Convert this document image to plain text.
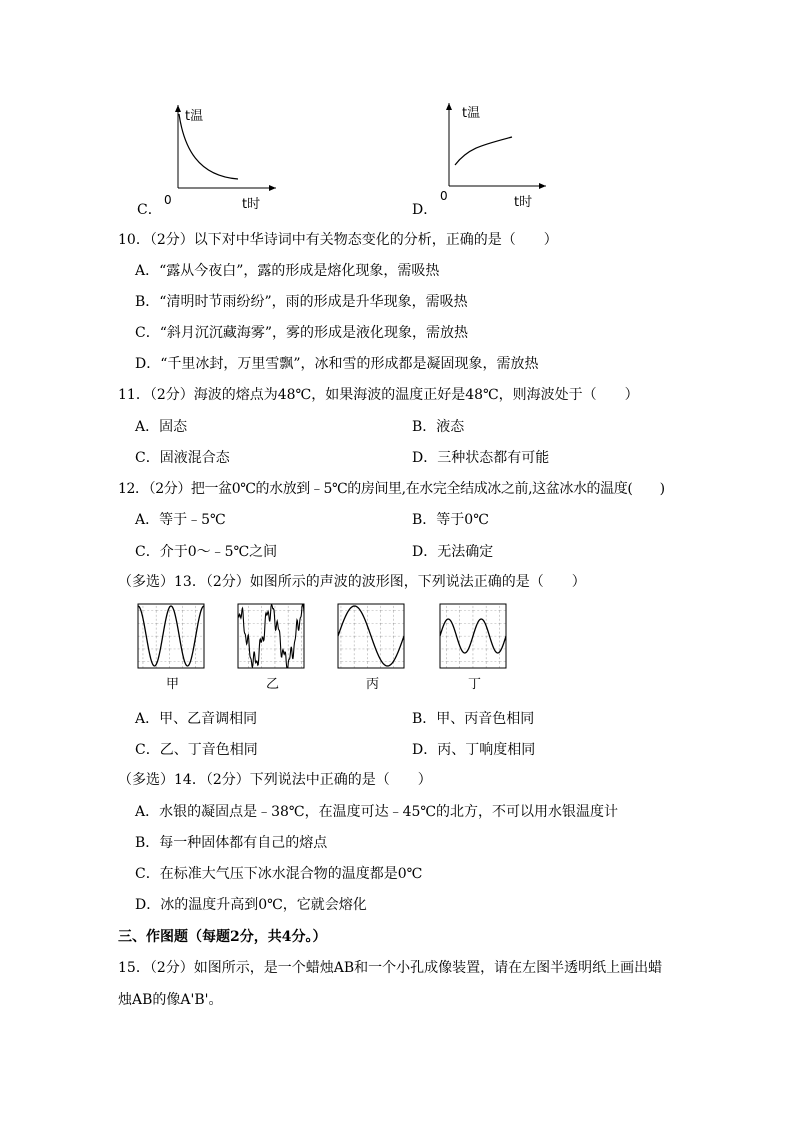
t温
0	t时
C．
t温
0	t时
D．
10．（2分）以下对中华诗词中有关物态变化的分析，正确的是（　　）
A．“露从今夜白”，露的形成是熔化现象，需吸热
B．“清明时节雨纷纷”，雨的形成是升华现象，需吸热
C．“斜月沉沉藏海雾”，雾的形成是液化现象，需放热
D．“千里冰封，万里雪飘”，冰和雪的形成都是凝固现象，需放热
11．（2分）海波的熔点为48℃，如果海波的温度正好是48℃，则海波处于（　　）
A．固态	B．液态
C．固液混合态	D．三种状态都有可能
12．（2分）把一盆0℃的水放到﹣5℃的房间里,在水完全结成冰之前,这盆冰水的温度(　　)
A．等于﹣5℃	B．等于0℃
C．介于0～﹣5℃之间	D．无法确定
（多选）13．（2分）如图所示的声波的波形图，下列说法正确的是（　　）
甲	乙	丙	丁
A．甲、乙音调相同	B．甲、丙音色相同
C．乙、丁音色相同	D．丙、丁响度相同
（多选）14．（2分）下列说法中正确的是（　　）
A．水银的凝固点是﹣38℃，在温度可达﹣45℃的北方，不可以用水银温度计
B．每一种固体都有自己的熔点
C．在标准大气压下冰水混合物的温度都是0℃
D．冰的温度升高到0℃，它就会熔化
三、作图题（每题2分，共4分。）
15．（2分）如图所示，是一个蜡烛AB和一个小孔成像装置，请在左图半透明纸上画出蜡
烛AB的像A'B'。
